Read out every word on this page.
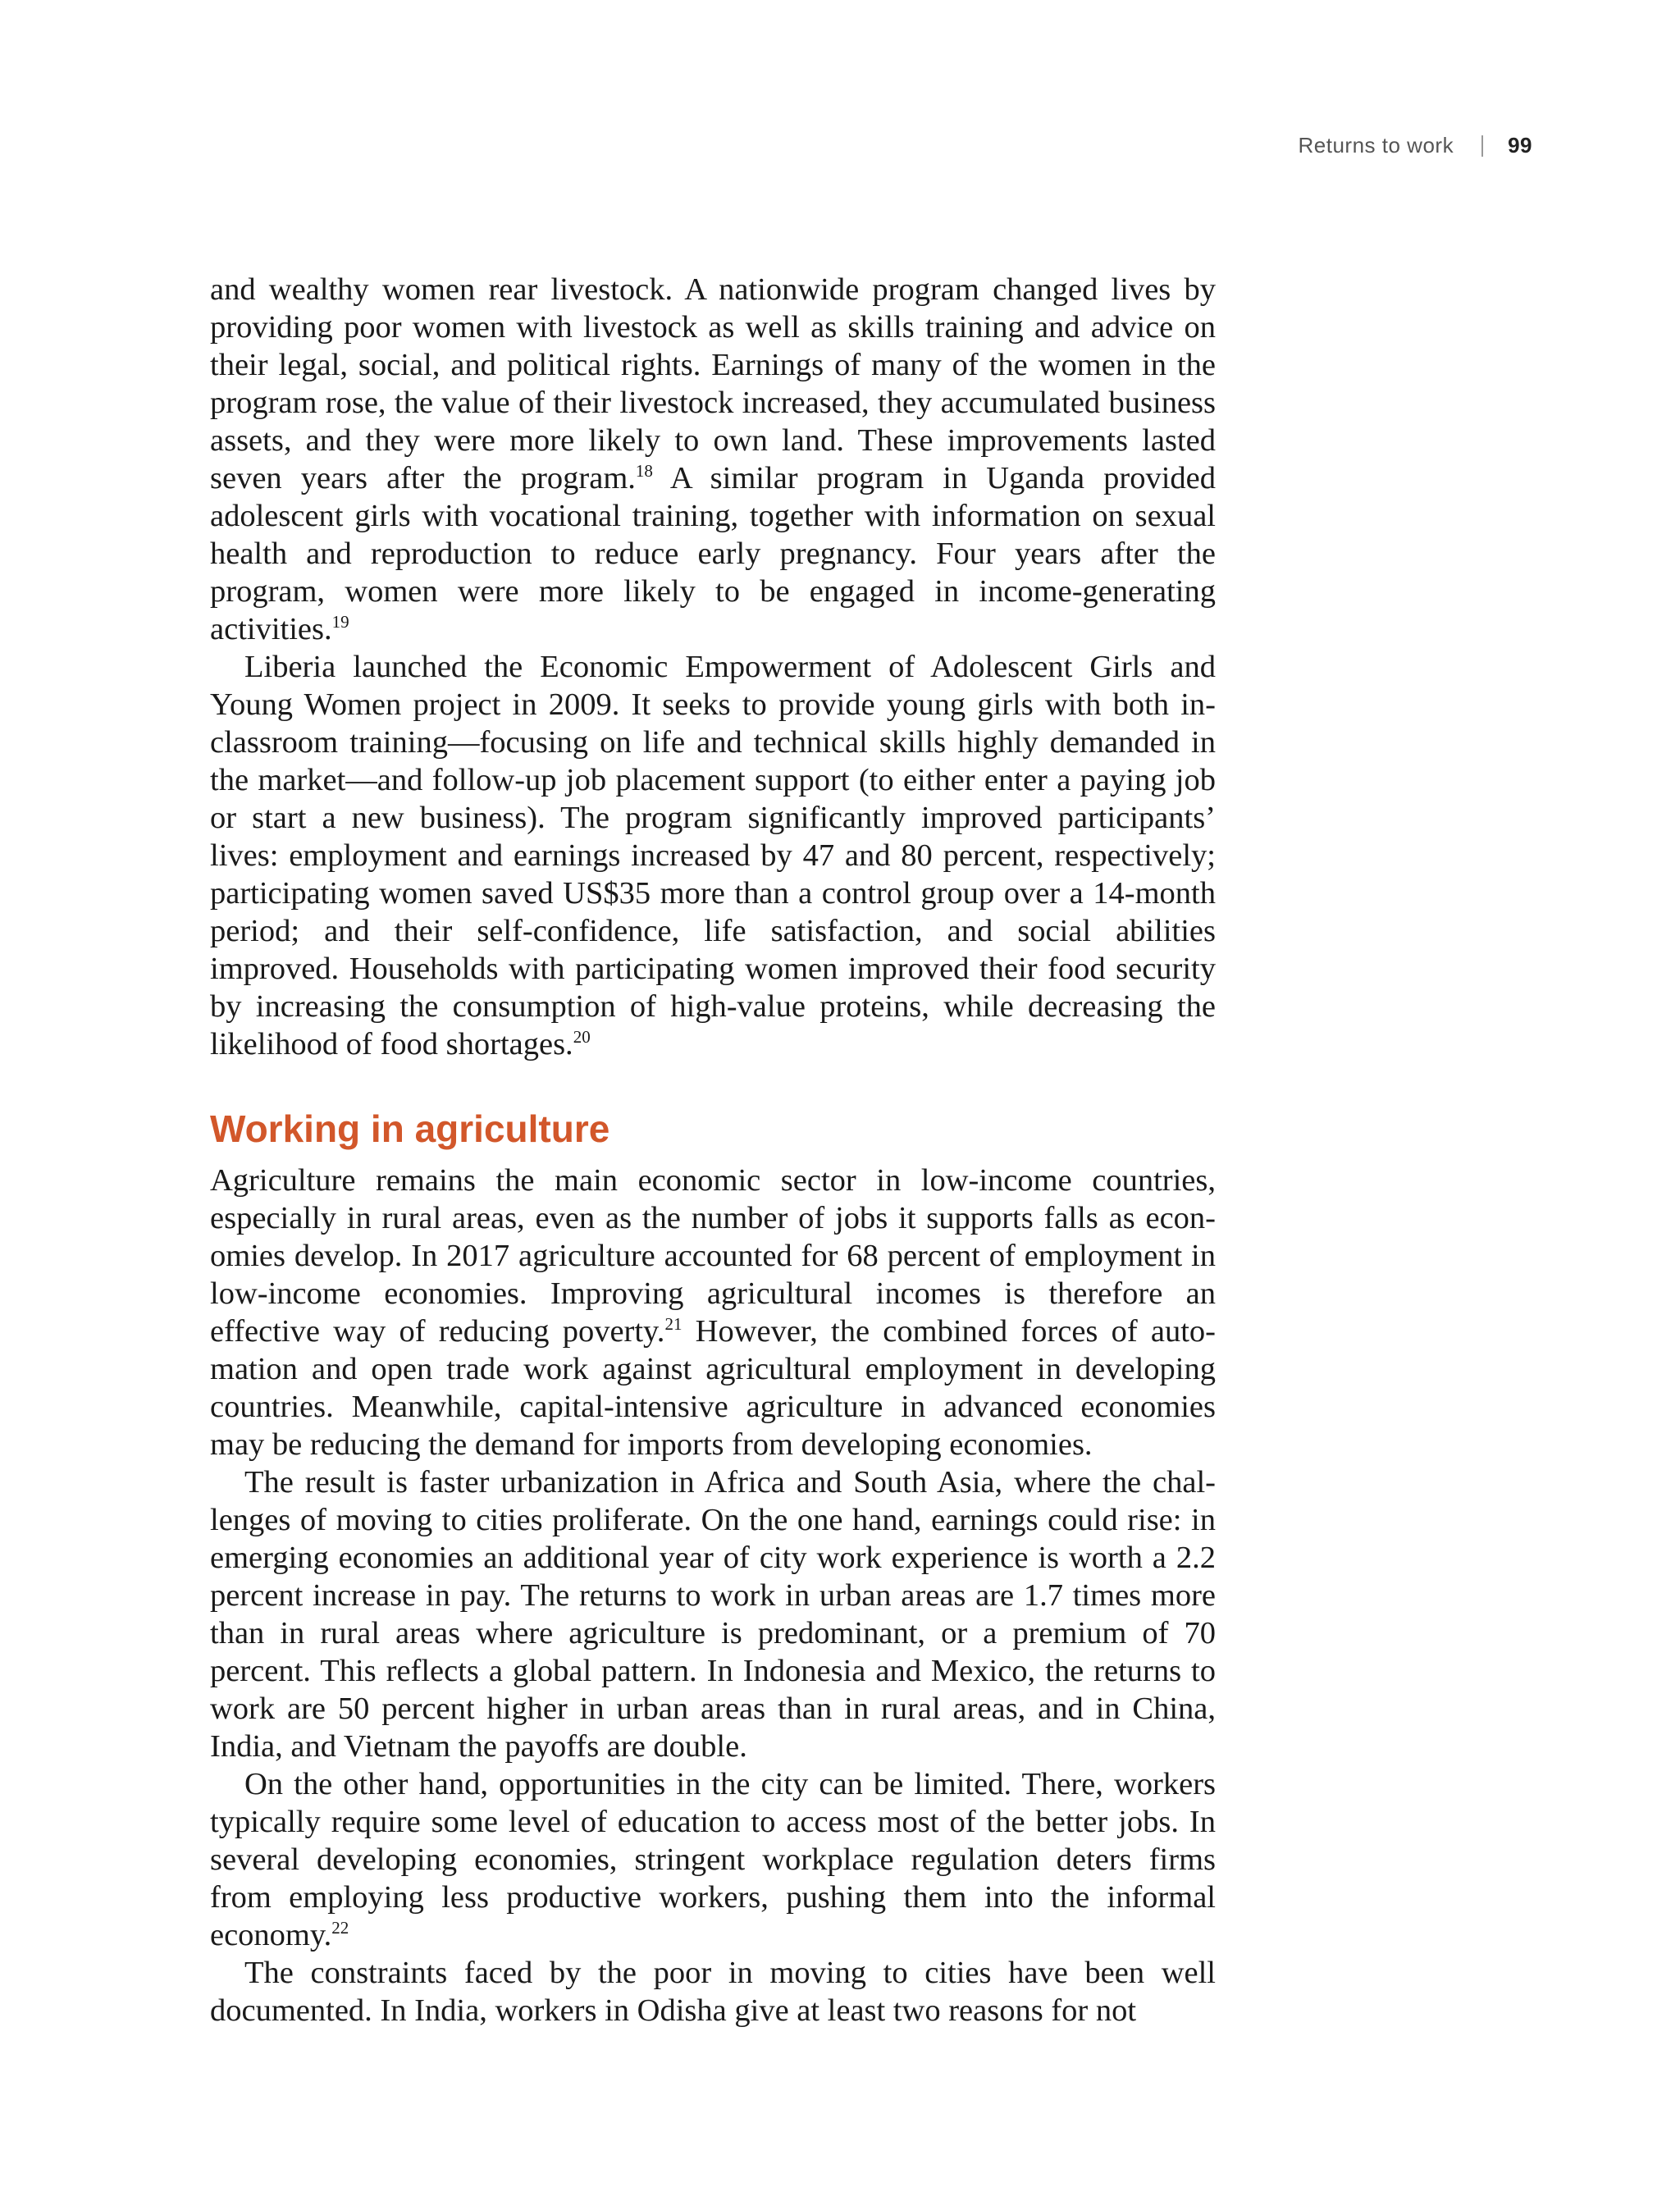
Returns to work	99

and wealthy women rear livestock. A nationwide program changed lives by providing poor women with livestock as well as skills training and advice on their legal, social, and political rights. Earnings of many of the women in the program rose, the value of their livestock increased, they accumulated business assets, and they were more likely to own land. These improvements lasted seven years after the program.$^{18}$ A similar program in Uganda provided adolescent girls with vocational training, together with information on sexual health and reproduction to reduce early pregnancy. Four years after the program, women were more likely to be engaged in income-generating activities.$^{19}$

Liberia launched the Economic Empowerment of Adolescent Girls and Young Women project in 2009. It seeks to provide young girls with both in-classroom training—focusing on life and technical skills highly demanded in the market—and follow-up job placement support (to either enter a paying job or start a new business). The program significantly improved participants’ lives: employment and earnings increased by 47 and 80 percent, respectively; participating women saved US$35 more than a control group over a 14-month period; and their self-confidence, life satisfaction, and social abilities improved. Households with participating women improved their food security by increasing the consumption of high-value proteins, while decreasing the likelihood of food shortages.$^{20}$

Working in agriculture

Agriculture remains the main economic sector in low-income countries, especially in rural areas, even as the number of jobs it supports falls as economies develop. In 2017 agriculture accounted for 68 percent of employment in low-income economies. Improving agricultural incomes is therefore an effective way of reducing poverty.$^{21}$ However, the combined forces of automation and open trade work against agricultural employment in developing countries. Meanwhile, capital-intensive agriculture in advanced economies may be reducing the demand for imports from developing economies.

The result is faster urbanization in Africa and South Asia, where the challenges of moving to cities proliferate. On the one hand, earnings could rise: in emerging economies an additional year of city work experience is worth a 2.2 percent increase in pay. The returns to work in urban areas are 1.7 times more than in rural areas where agriculture is predominant, or a premium of 70 percent. This reflects a global pattern. In Indonesia and Mexico, the returns to work are 50 percent higher in urban areas than in rural areas, and in China, India, and Vietnam the payoffs are double.

On the other hand, opportunities in the city can be limited. There, workers typically require some level of education to access most of the better jobs. In several developing economies, stringent workplace regulation deters firms from employing less productive workers, pushing them into the informal economy.$^{22}$

The constraints faced by the poor in moving to cities have been well documented. In India, workers in Odisha give at least two reasons for not
